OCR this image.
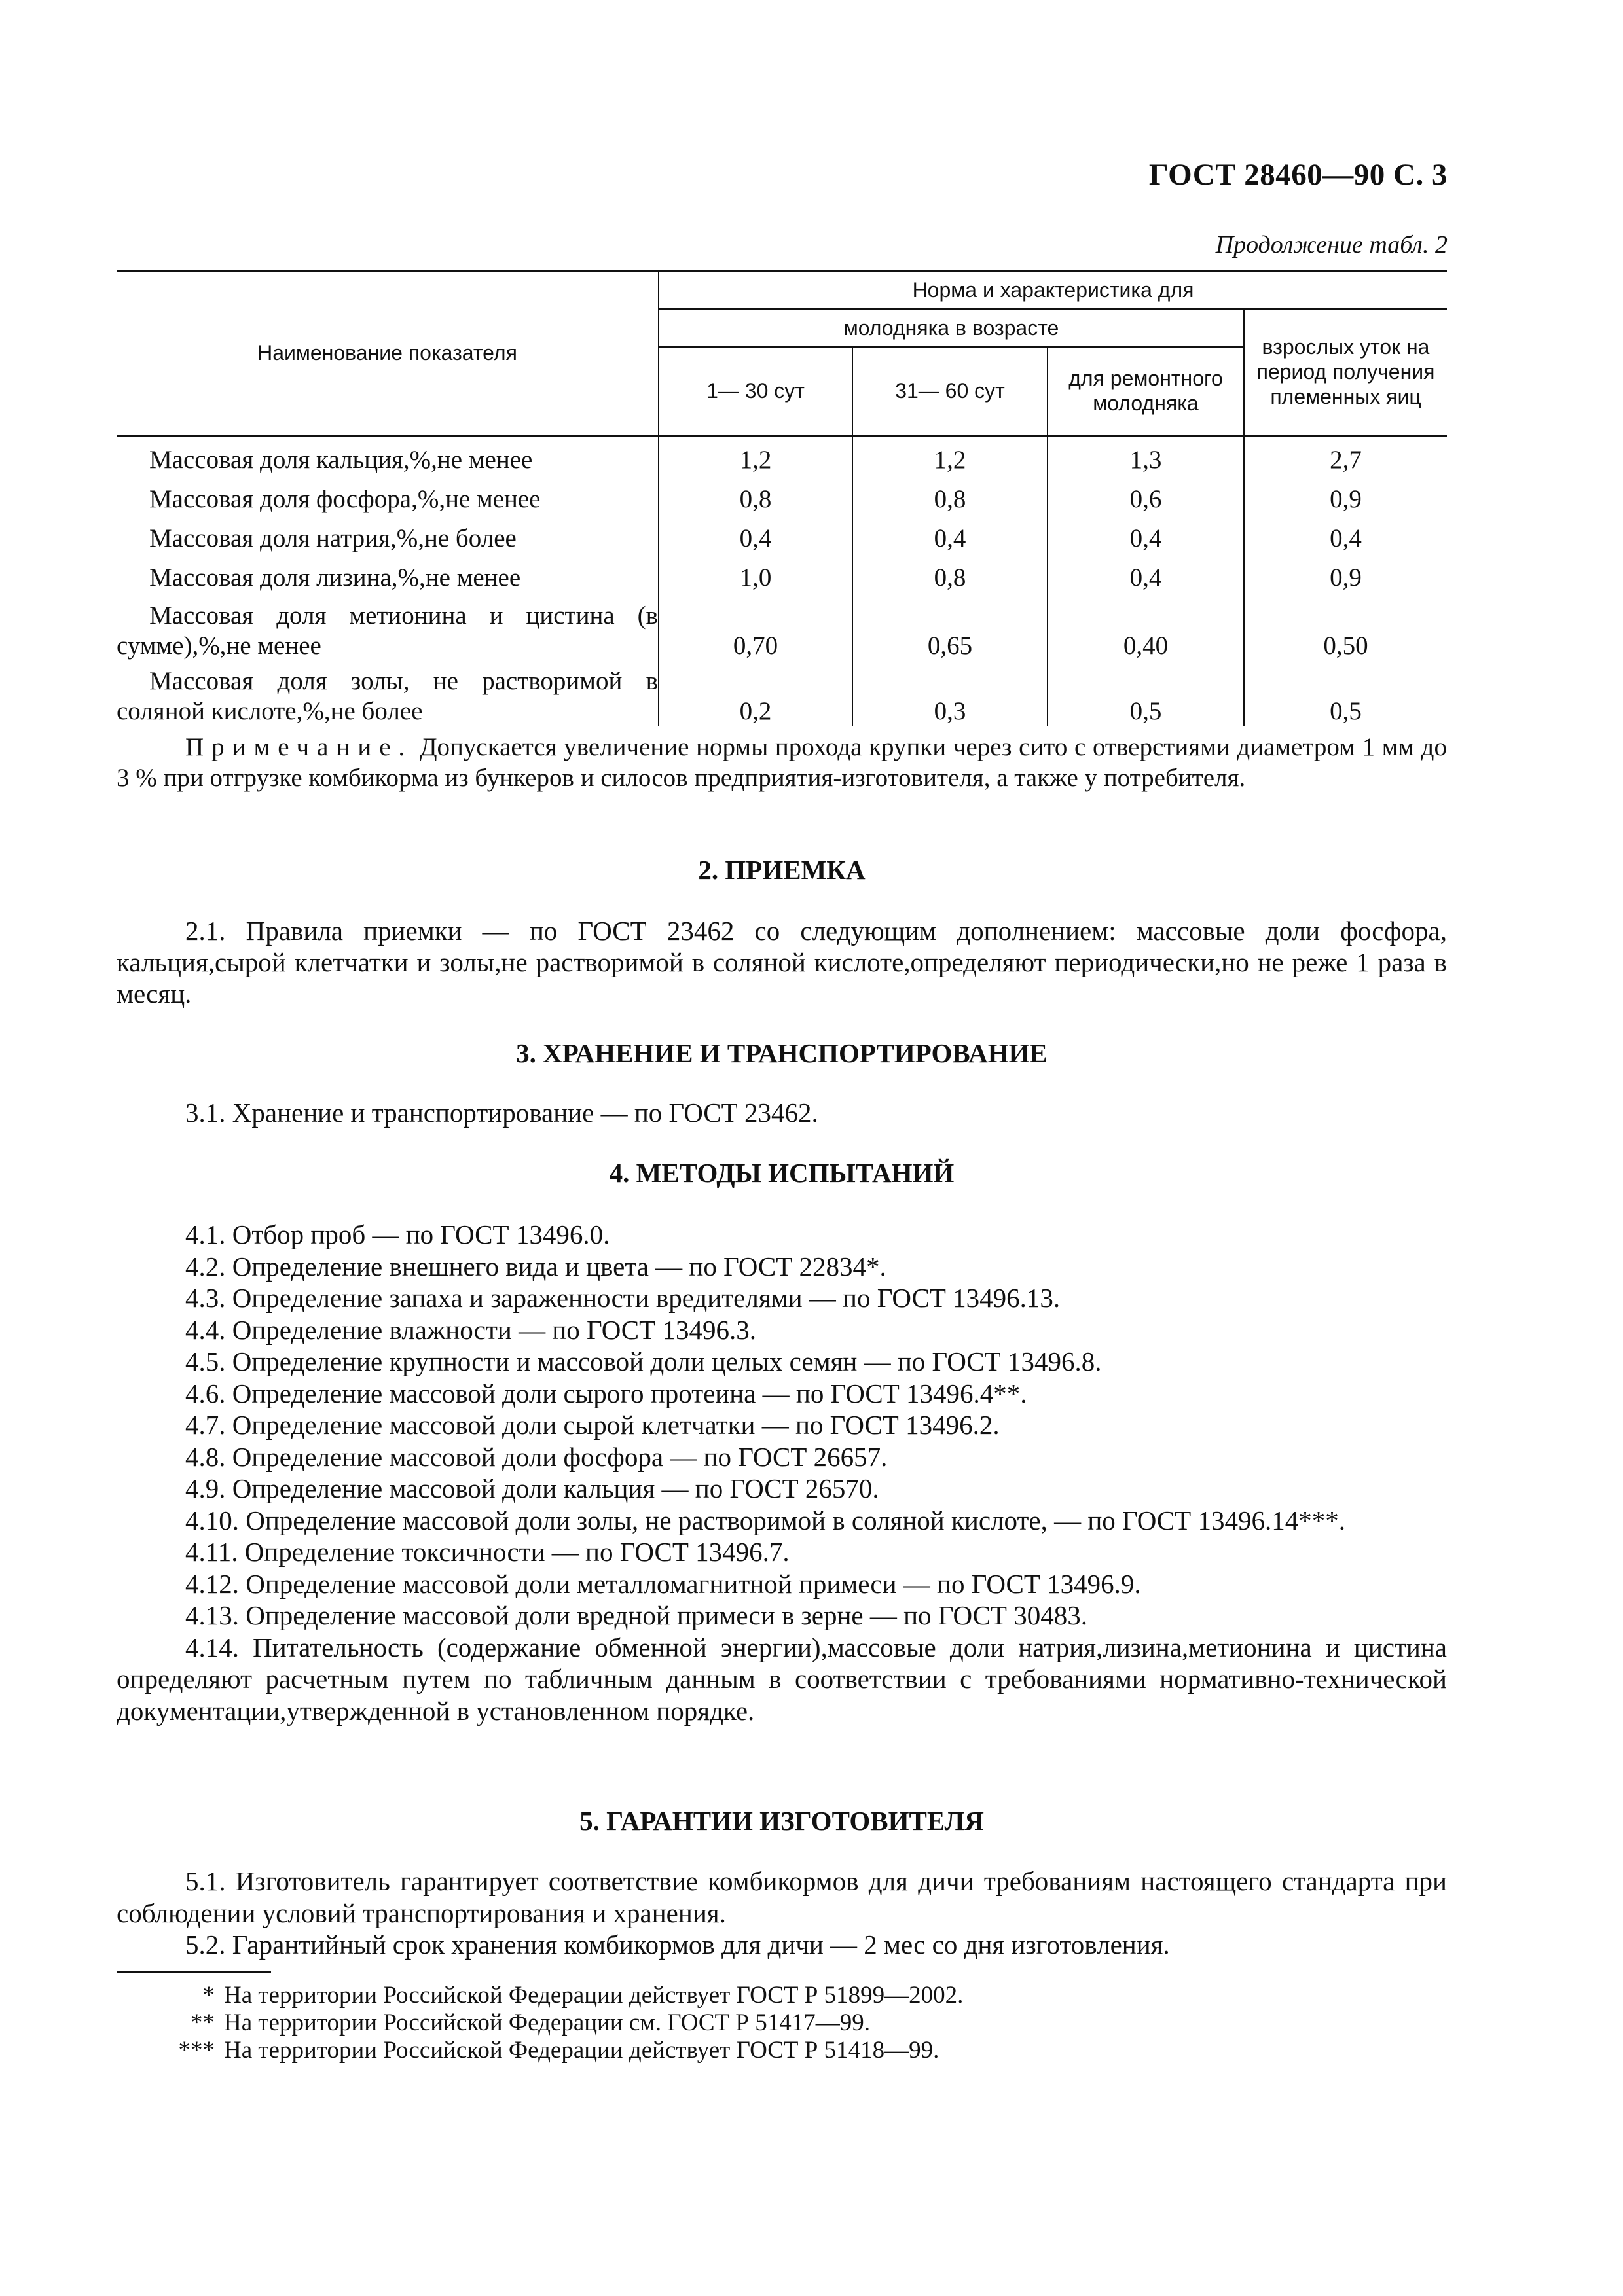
ГОСТ 28460—90 С. 3
Продолжение табл. 2
Наименование показателя	Норма и характеристика для			
	молодняка в возрасте			взрослых уток на период получения племенных яиц
	1— 30 сут	31— 60 сут	для ремонтного молодняка	
Массовая доля кальция,%,не менее	1,2	1,2	1,3	2,7
Массовая доля фосфора,%,не менее	0,8	0,8	0,6	0,9
Массовая доля натрия,%,не более	0,4	0,4	0,4	0,4
Массовая доля лизина,%,не менее	1,0	0,8	0,4	0,9

Массовая доля метионина и цистина (в
сумме),%,не менее	0,70	0,65	0,40	0,50

Массовая доля золы, не растворимой в
соляной кислоте,%,не более	0,2	0,3	0,5	0,5
Примечание. Допускается увеличение нормы прохода крупки через сито с отверстиями диаметром 1 мм до 3 % при отгрузке комбикорма из бункеров и силосов предприятия-изготовителя, а также у потребителя.
2. ПРИЕМКА
2.1. Правила приемки — по ГОСТ 23462 со следующим дополнением: массовые доли фосфора, кальция,сырой клетчатки и золы,не растворимой в соляной кислоте,определяют периодически,но не реже 1 раза в месяц.
3. ХРАНЕНИЕ И ТРАНСПОРТИРОВАНИЕ
3.1. Хранение и транспортирование — по ГОСТ 23462.
4. МЕТОДЫ ИСПЫТАНИЙ
4.1. Отбор проб — по ГОСТ 13496.0.
4.2. Определение внешнего вида и цвета — по ГОСТ 22834*.
4.3. Определение запаха и зараженности вредителями — по ГОСТ 13496.13.
4.4. Определение влажности — по ГОСТ 13496.3.
4.5. Определение крупности и массовой доли целых семян — по ГОСТ 13496.8.
4.6. Определение массовой доли сырого протеина — по ГОСТ 13496.4**.
4.7. Определение массовой доли сырой клетчатки — по ГОСТ 13496.2.
4.8. Определение массовой доли фосфора — по ГОСТ 26657.
4.9. Определение массовой доли кальция — по ГОСТ 26570.
4.10. Определение массовой доли золы, не растворимой в соляной кислоте, — по ГОСТ 13496.14***.
4.11. Определение токсичности — по ГОСТ 13496.7.
4.12. Определение массовой доли металломагнитной примеси — по ГОСТ 13496.9.
4.13. Определение массовой доли вредной примеси в зерне — по ГОСТ 30483.
4.14. Питательность (содержание обменной энергии),массовые доли натрия,лизина,метионина и цистина определяют расчетным путем по табличным данным в соответствии с требованиями нормативно-технической документации,утвержденной в установленном порядке.
5. ГАРАНТИИ ИЗГОТОВИТЕЛЯ
5.1. Изготовитель гарантирует соответствие комбикормов для дичи требованиям настоящего стандарта при соблюдении условий транспортирования и хранения.
5.2. Гарантийный срок хранения комбикормов для дичи — 2 мес со дня изготовления.
* На территории Российской Федерации действует ГОСТ Р 51899—2002.
** На территории Российской Федерации см. ГОСТ Р 51417—99.
*** На территории Российской Федерации действует ГОСТ Р 51418—99.
